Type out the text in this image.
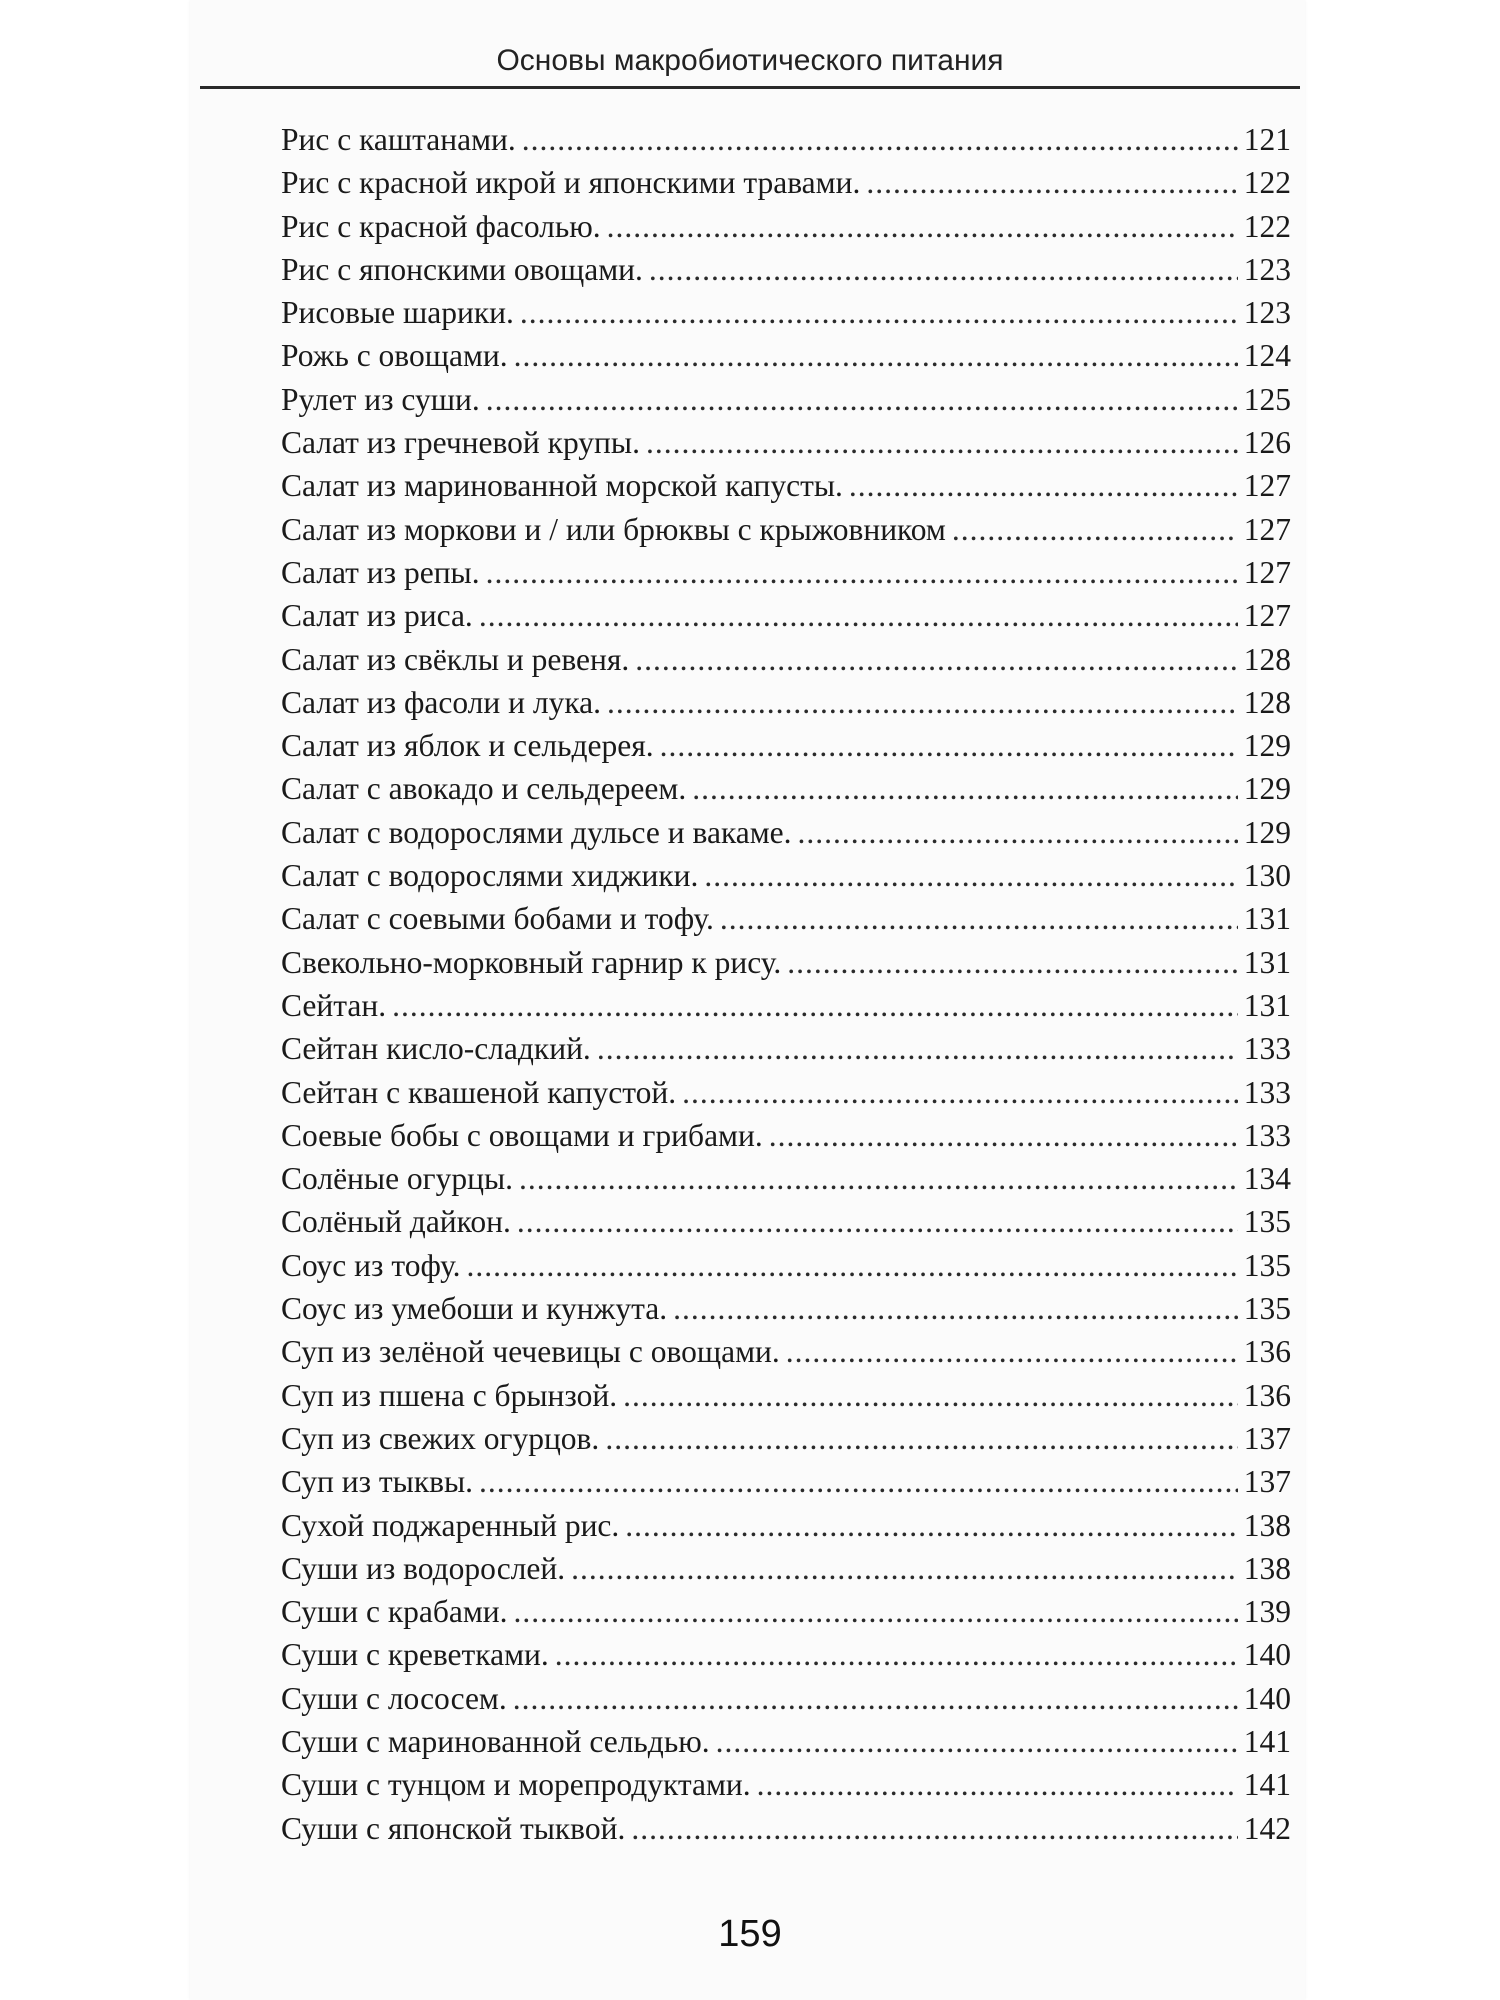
Основы макробиотического питания
Рис с каштанами. .....	121
Рис с красной икрой и японскими травами. .....	122
Рис с красной фасолью. .....	122
Рис с японскими овощами. .....	123
Рисовые шарики. .....	123
Рожь с овощами. .....	124
Рулет из суши. .....	125
Салат из гречневой крупы. .....	126
Салат из маринованной морской капусты. .....	127
Салат из моркови и / или брюквы с крыжовником .....	127
Салат из репы. .....	127
Салат из риса. .....	127
Салат из свёклы и ревеня. .....	128
Салат из фасоли и лука. .....	128
Салат из яблок и сельдерея. .....	129
Салат с авокадо и сельдереем. .....	129
Салат с водорослями дульсе и вакаме. .....	129
Салат с водорослями хиджики. .....	130
Салат с соевыми бобами и тофу. .....	131
Свекольно-морковный гарнир к рису. .....	131
Сейтан. .....	131
Сейтан кисло-сладкий. .....	133
Сейтан с квашеной капустой. .....	133
Соевые бобы с овощами и грибами. .....	133
Солёные огурцы. .....	134
Солёный дайкон. .....	135
Соус из тофу. .....	135
Соус из умебоши и кунжута. .....	135
Суп из зелёной чечевицы с овощами. .....	136
Суп из пшена с брынзой. .....	136
Суп из свежих огурцов. .....	137
Суп из тыквы. .....	137
Сухой поджаренный рис. .....	138
Суши из водорослей. .....	138
Суши с крабами. .....	139
Суши с креветками. .....	140
Суши с лососем. .....	140
Суши с маринованной сельдью. .....	141
Суши с тунцом и морепродуктами. .....	141
Суши с японской тыквой. .....	142
159
